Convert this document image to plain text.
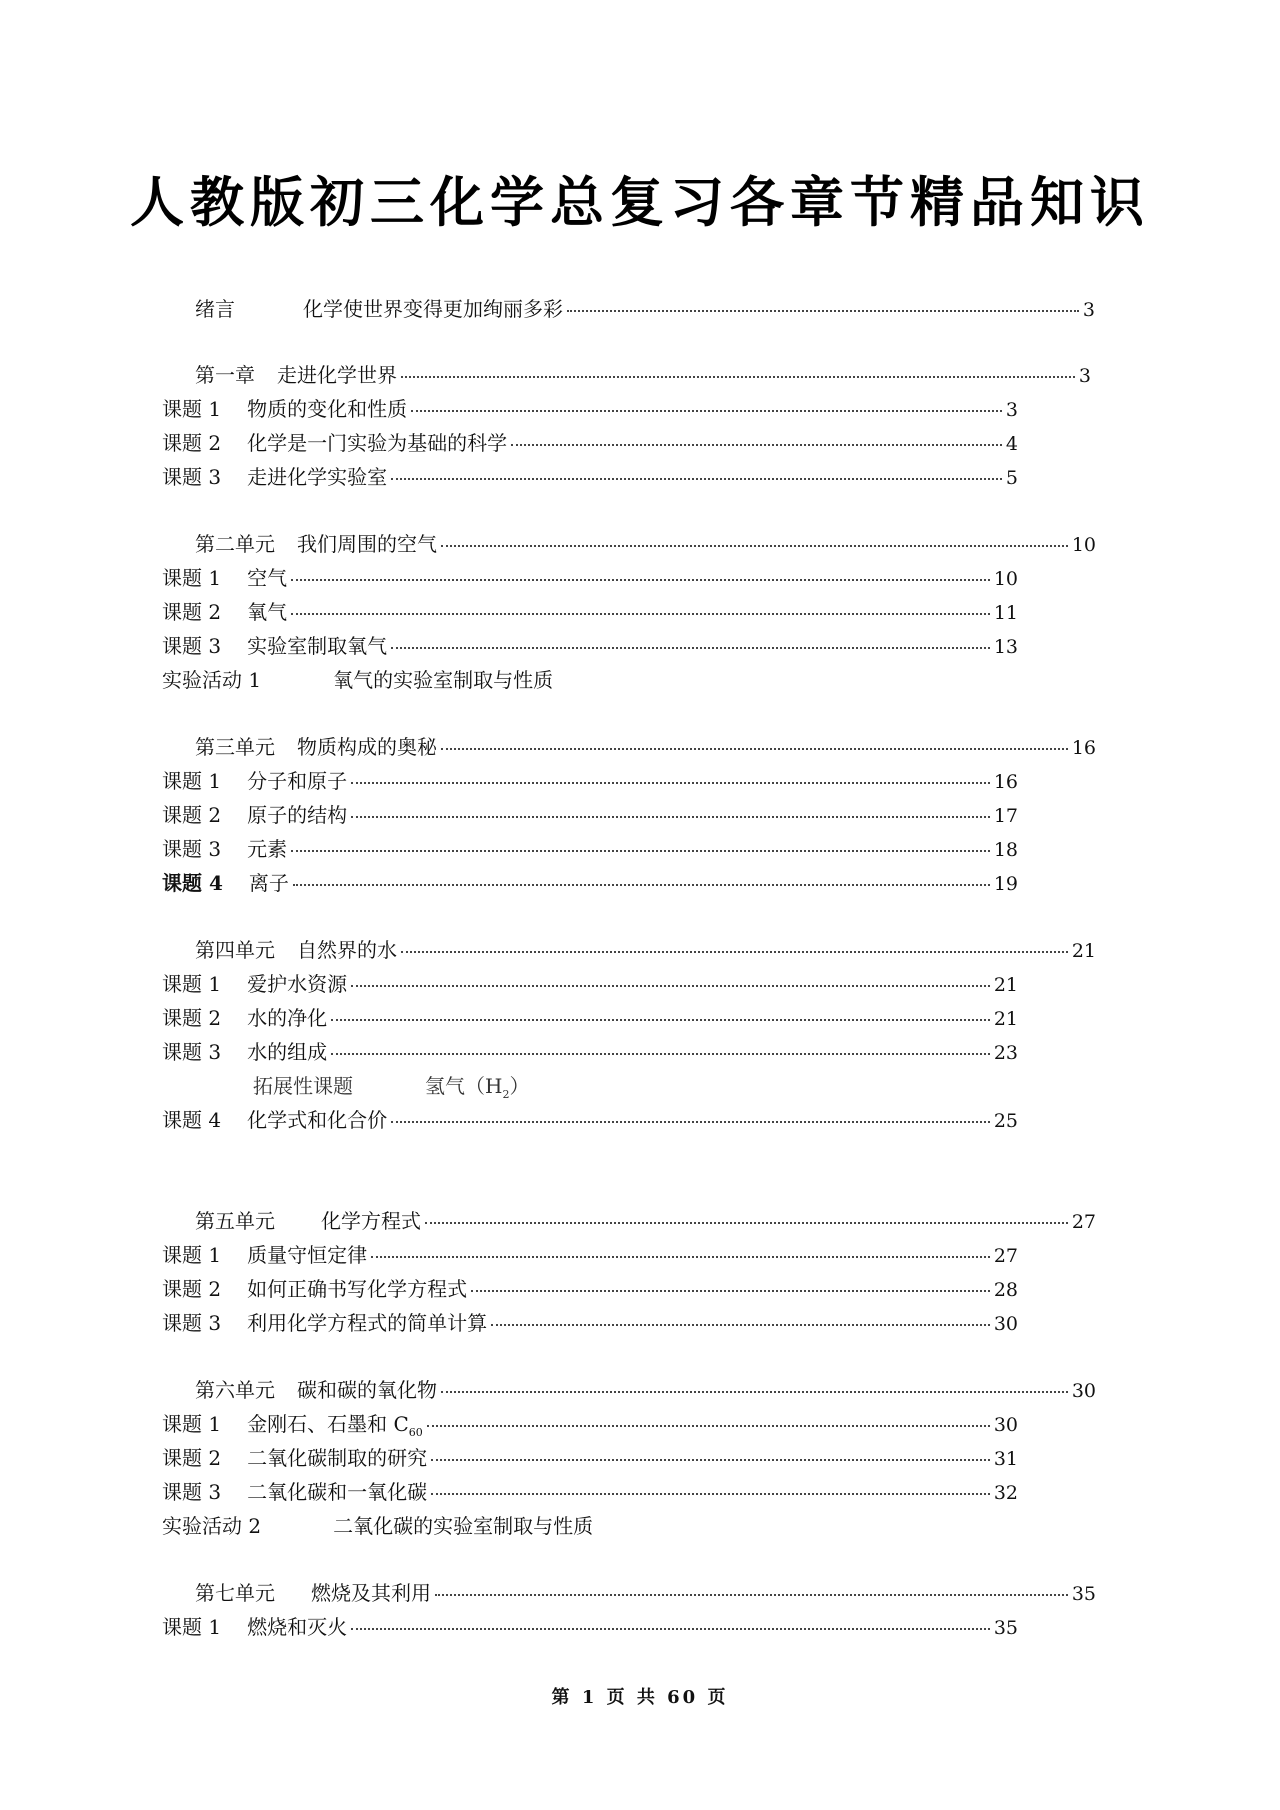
人教版初三化学总复习各章节精品知识
绪言	化学使世界变得更加绚丽多彩	3
第一章	走进化学世界	3
课题 1	物质的变化和性质	3
课题 2	化学是一门实验为基础的科学	4
课题 3	走进化学实验室	5
第二单元	我们周围的空气	10
课题 1	空气	10
课题 2	氧气	11
课题 3	实验室制取氧气	13
实验活动 1	氧气的实验室制取与性质
第三单元	物质构成的奥秘	16
课题 1	分子和原子	16
课题 2	原子的结构	17
课题 3	元素	18
课题 4	离子	19
第四单元	自然界的水	21
课题 1	爱护水资源	21
课题 2	水的净化	21
课题 3	水的组成	23
拓展性课题	氢气$(H_2)$
课题 4	化学式和化合价	25
第五单元	化学方程式	27
课题 1	质量守恒定律	27
课题 2	如何正确书写化学方程式	28
课题 3	利用化学方程式的简单计算	30
第六单元	碳和碳的氧化物	30
课题 1	金刚石、石墨和 $C_{60}$	30
课题 2	二氧化碳制取的研究	31
课题 3	二氧化碳和一氧化碳	32
实验活动 2	二氧化碳的实验室制取与性质
第七单元	燃烧及其利用	35
课题 1	燃烧和灭火	35
第 1 页 共 60 页
